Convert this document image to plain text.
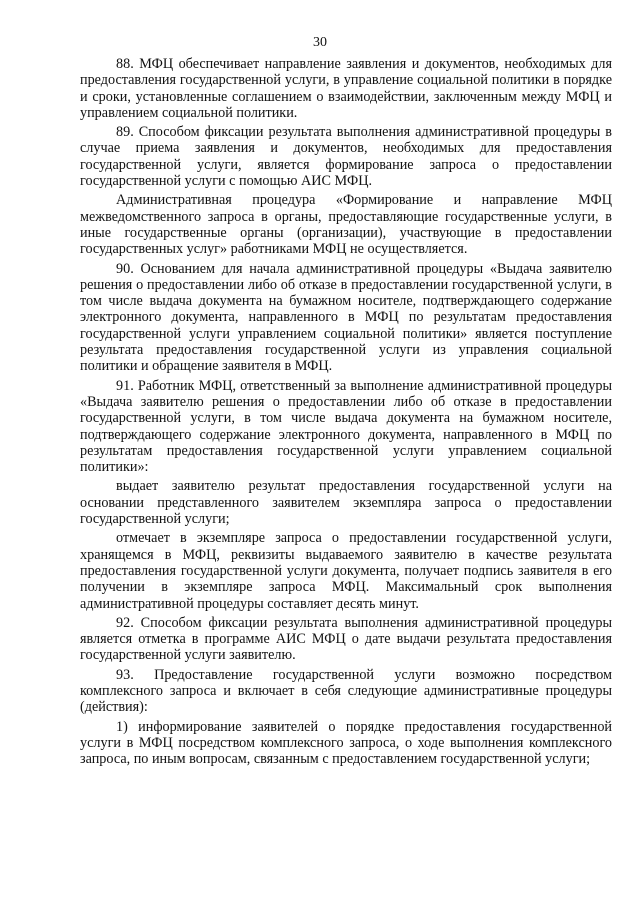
30

88. МФЦ обеспечивает направление заявления и документов, необходимых для предоставления государственной услуги, в управление социальной политики в порядке и сроки, установленные соглашением о взаимодействии, заключенным между МФЦ и управлением социальной политики.

89. Способом фиксации результата выполнения административной процедуры в случае приема заявления и документов, необходимых для предоставления государственной услуги, является формирование запроса о предоставлении государственной услуги с помощью АИС МФЦ.

Административная процедура «Формирование и направление МФЦ межведомственного запроса в органы, предоставляющие государственные услуги, в иные государственные органы (организации), участвующие в предоставлении государственных услуг» работниками МФЦ не осуществляется.

90. Основанием для начала административной процедуры «Выдача заявителю решения о предоставлении либо об отказе в предоставлении государственной услуги, в том числе выдача документа на бумажном носителе, подтверждающего содержание электронного документа, направленного в МФЦ по результатам предоставления государственной услуги управлением социальной политики» является поступление результата предоставления государственной услуги из управления социальной политики и обращение заявителя в МФЦ.

91. Работник МФЦ, ответственный за выполнение административной процедуры «Выдача заявителю решения о предоставлении либо об отказе в предоставлении государственной услуги, в том числе выдача документа на бумажном носителе, подтверждающего содержание электронного документа, направленного в МФЦ по результатам предоставления государственной услуги управлением социальной политики»:

выдает заявителю результат предоставления государственной услуги на основании представленного заявителем экземпляра запроса о предоставлении государственной услуги;

отмечает в экземпляре запроса о предоставлении государственной услуги, хранящемся в МФЦ, реквизиты выдаваемого заявителю в качестве результата предоставления государственной услуги документа, получает подпись заявителя в его получении в экземпляре запроса МФЦ. Максимальный срок выполнения административной процедуры составляет десять минут.

92. Способом фиксации результата выполнения административной процедуры является отметка в программе АИС МФЦ о дате выдачи результата предоставления государственной услуги заявителю.

93. Предоставление государственной услуги возможно посредством комплексного запроса и включает в себя следующие административные процедуры (действия):

1) информирование заявителей о порядке предоставления государственной услуги в МФЦ посредством комплексного запроса, о ходе выполнения комплексного запроса, по иным вопросам, связанным с предоставлением государственной услуги;
